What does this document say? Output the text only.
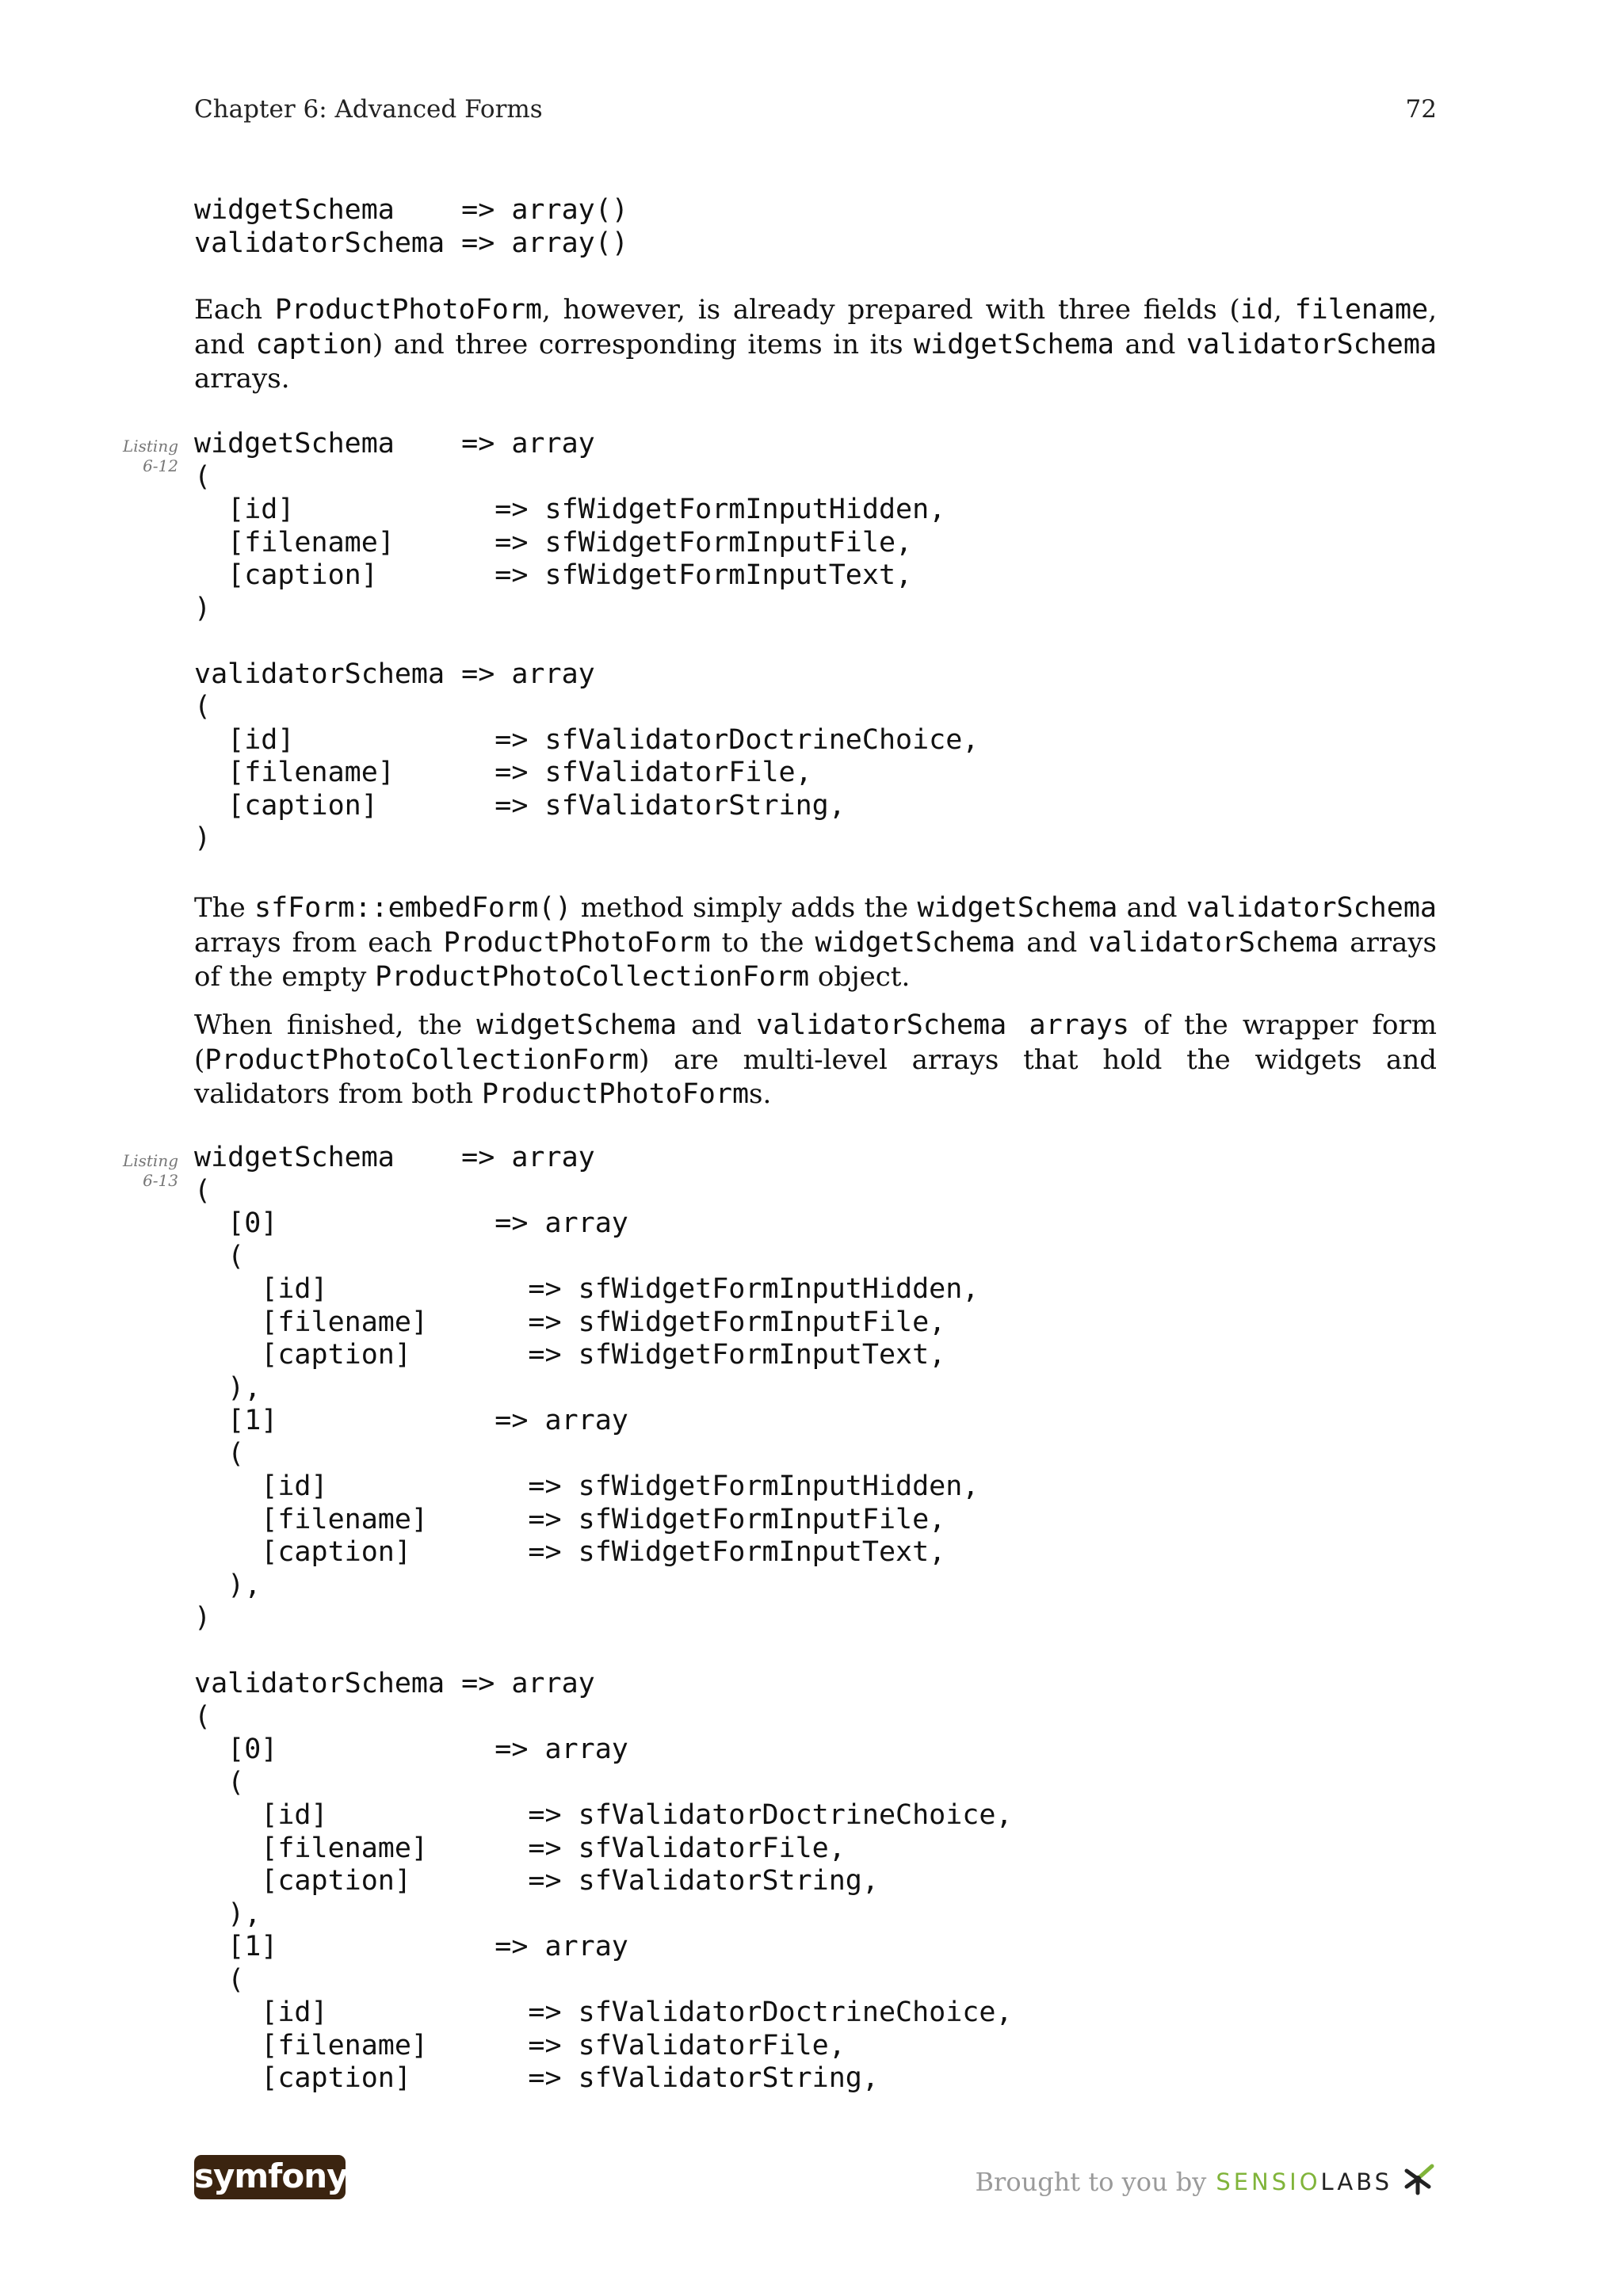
Chapter 6: Advanced Forms	72
widgetSchema    => array()
validatorSchema => array()

Each ProductPhotoForm, however, is already prepared with three fields (id, filename, and caption) and three corresponding items in its widgetSchema and validatorSchema arrays.

Listing
6-12
widgetSchema    => array
(
[id]            => sfWidgetFormInputHidden,
[filename]      => sfWidgetFormInputFile,
[caption]       => sfWidgetFormInputText,
)

validatorSchema => array
(
[id]            => sfValidatorDoctrineChoice,
[filename]      => sfValidatorFile,
[caption]       => sfValidatorString,
)

The sfForm::embedForm() method simply adds the widgetSchema and validatorSchema arrays from each ProductPhotoForm to the widgetSchema and validatorSchema arrays of the empty ProductPhotoCollectionForm object.

When finished, the widgetSchema and validatorSchema arrays of the wrapper form (ProductPhotoCollectionForm) are multi-level arrays that hold the widgets and validators from both ProductPhotoForms.

Listing
6-13
widgetSchema    => array
(
[0]             => array
(
[id]            => sfWidgetFormInputHidden,
[filename]      => sfWidgetFormInputFile,
[caption]       => sfWidgetFormInputText,
),
[1]             => array
(
[id]            => sfWidgetFormInputHidden,
[filename]      => sfWidgetFormInputFile,
[caption]       => sfWidgetFormInputText,
),
)

validatorSchema => array
(
[0]             => array
(
[id]            => sfValidatorDoctrineChoice,
[filename]      => sfValidatorFile,
[caption]       => sfValidatorString,
),
[1]             => array
(
[id]            => sfValidatorDoctrineChoice,
[filename]      => sfValidatorFile,
[caption]       => sfValidatorString,
symfony	Brought to you by SENSIOLABS
